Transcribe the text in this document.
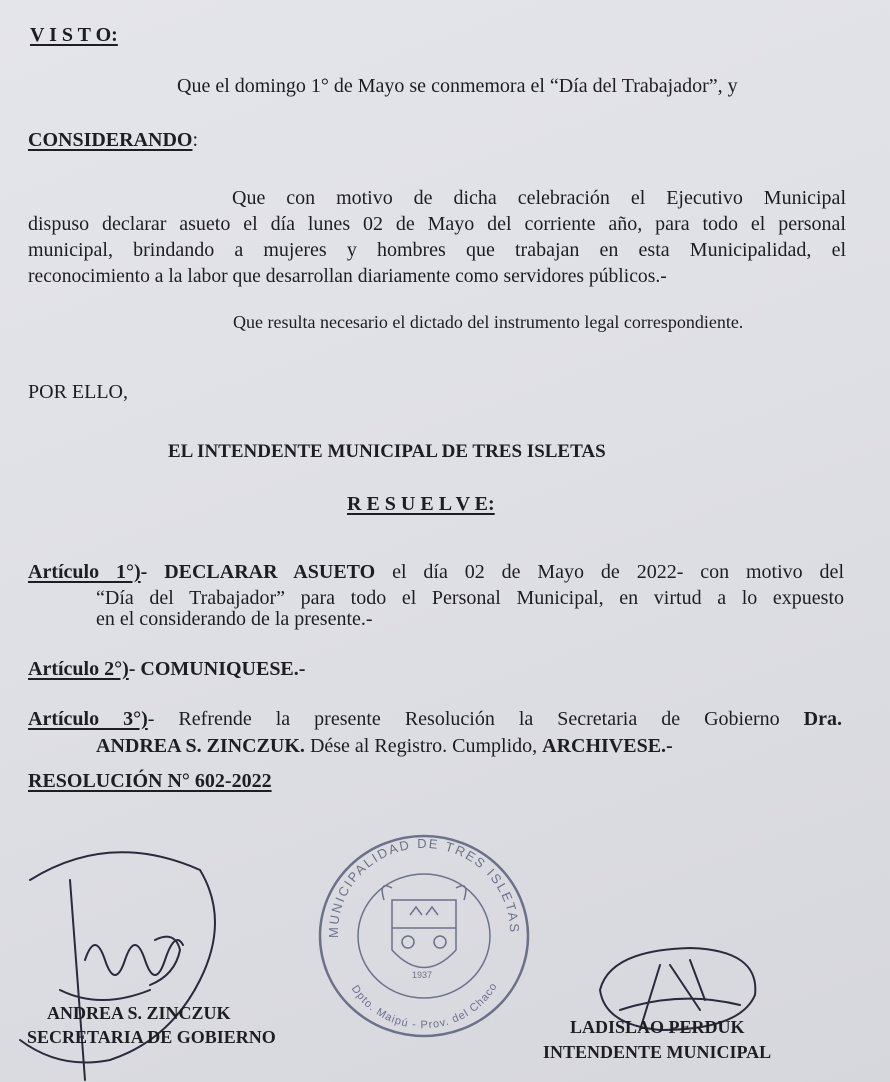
V I S T O:
Que el domingo 1° de Mayo se conmemora el “Día del Trabajador”, y
CONSIDERANDO:
Que con motivo de dicha celebración el Ejecutivo Municipal
dispuso declarar asueto el día lunes 02 de Mayo del corriente año, para todo el personal
municipal, brindando a mujeres y hombres que trabajan en esta Municipalidad, el
reconocimiento a la labor que desarrollan diariamente como servidores públicos.-
Que resulta necesario el dictado del instrumento legal correspondiente.
POR ELLO,
EL INTENDENTE MUNICIPAL DE TRES ISLETAS
R E S U E L V E:
Artículo 1°)- DECLARAR ASUETO el día 02 de Mayo de 2022- con motivo del
“Día del Trabajador” para todo el Personal Municipal, en virtud a lo expuesto
en el considerando de la presente.-
Artículo 2°)- COMUNIQUESE.-
Artículo 3°)- Refrende la presente Resolución la Secretaria de Gobierno Dra.
ANDREA S. ZINCZUK. Dése al Registro. Cumplido, ARCHIVESE.-
RESOLUCIÓN N° 602-2022
MUNICIPALIDAD DE TRES ISLETAS
Dpto. Maipú - Prov. del Chaco
1937
ANDREA S. ZINCZUK
SECRETARIA DE GOBIERNO	LADISLAO PERDUK
INTENDENTE MUNICIPAL
